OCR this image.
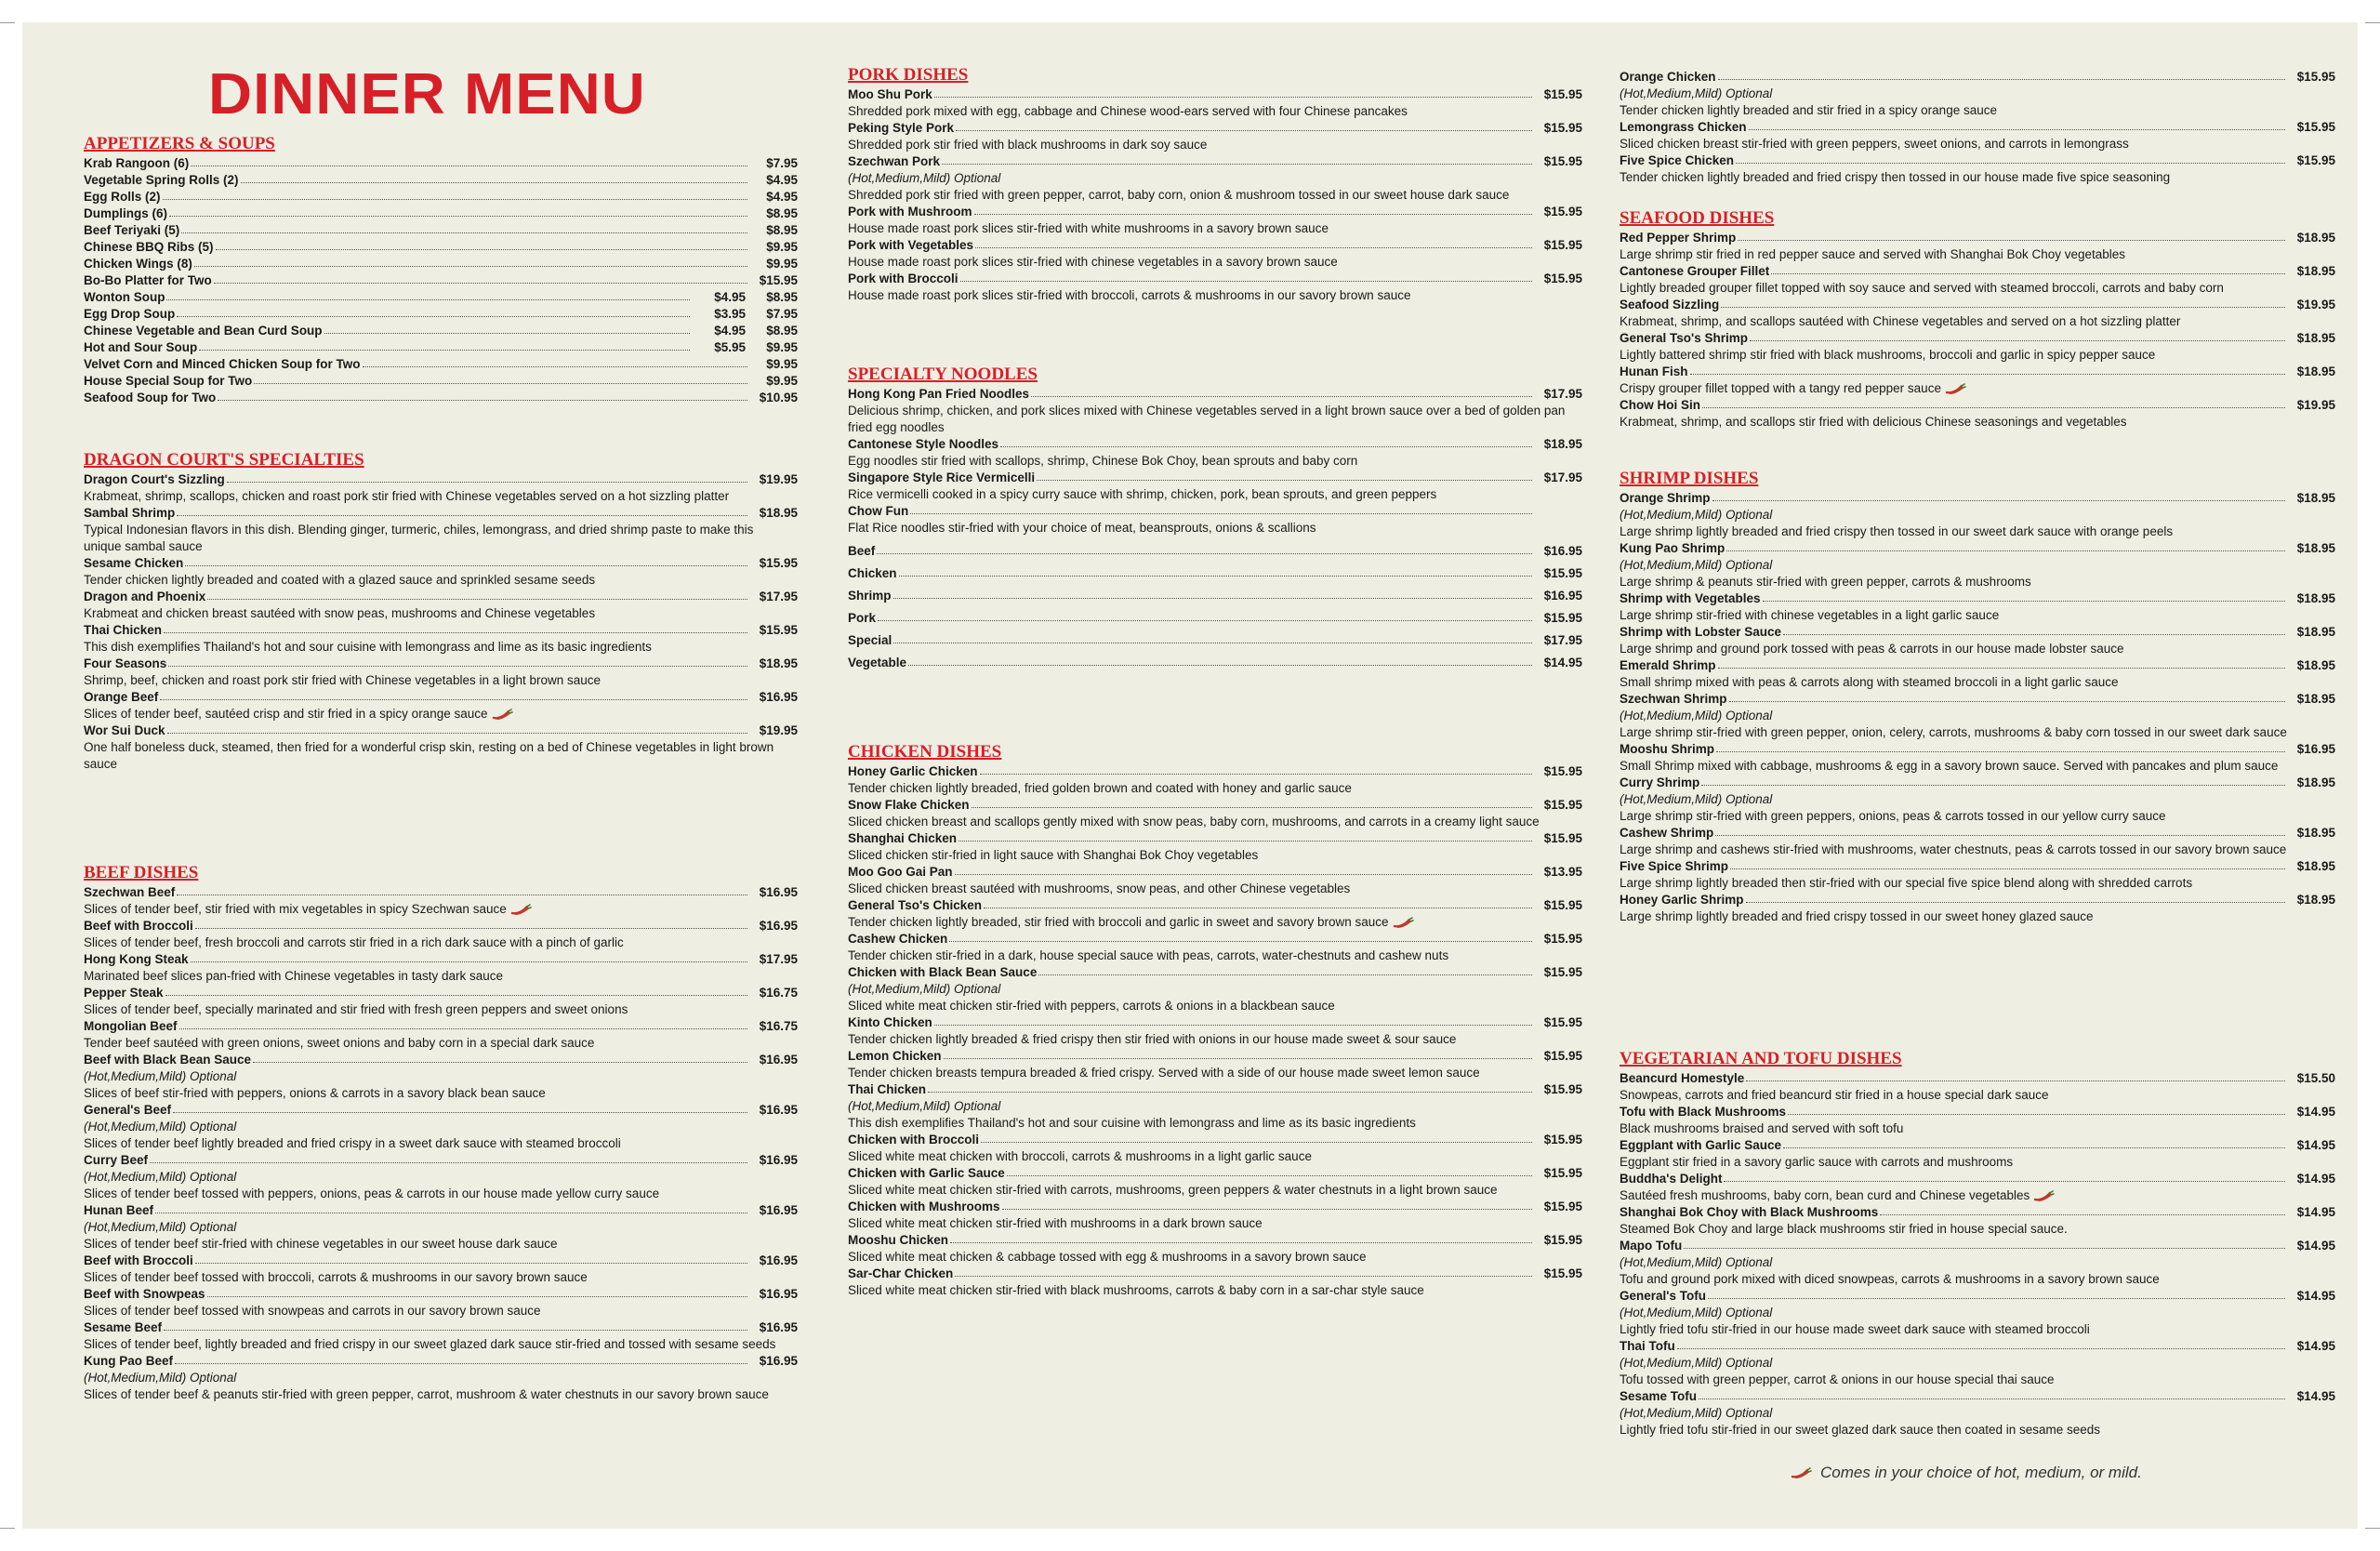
DINNER MENU
APPETIZERS & SOUPS
Krab Rangoon (6)	$7.95
Vegetable Spring Rolls (2)	$4.95
Egg Rolls (2)	$4.95
Dumplings (6)	$8.95
Beef Teriyaki (5)	$8.95
Chinese BBQ Ribs (5)	$9.95
Chicken Wings (8)	$9.95
Bo-Bo Platter for Two	$15.95
Wonton Soup	$4.95	$8.95
Egg Drop Soup	$3.95	$7.95
Chinese Vegetable and Bean Curd Soup	$4.95	$8.95
Hot and Sour Soup	$5.95	$9.95
Velvet Corn and Minced Chicken Soup for Two	$9.95
House Special Soup for Two	$9.95
Seafood Soup for Two	$10.95
DRAGON COURT'S SPECIALTIES
Dragon Court's Sizzling	$19.95
Krabmeat, shrimp, scallops, chicken and roast pork stir fried with Chinese vegetables served on a hot sizzling platter
Sambal Shrimp	$18.95
Typical Indonesian flavors in this dish. Blending ginger, turmeric, chiles, lemongrass, and dried shrimp paste to make this unique sambal sauce
Sesame Chicken	$15.95
Tender chicken lightly breaded and coated with a glazed sauce and sprinkled sesame seeds
Dragon and Phoenix	$17.95
Krabmeat and chicken breast sautéed with snow peas, mushrooms and Chinese vegetables
Thai Chicken	$15.95
This dish exemplifies Thailand's hot and sour cuisine with lemongrass and lime as its basic ingredients
Four Seasons	$18.95
Shrimp, beef, chicken and roast pork stir fried with Chinese vegetables in a light brown sauce
Orange Beef	$16.95
Slices of tender beef, sautéed crisp and stir fried in a spicy orange sauce
Wor Sui Duck	$19.95
One half boneless duck, steamed, then fried for a wonderful crisp skin, resting on a bed of Chinese vegetables in light brown sauce
BEEF DISHES
Szechwan Beef	$16.95
Slices of tender beef, stir fried with mix vegetables in spicy Szechwan sauce
Beef with Broccoli	$16.95
Slices of tender beef, fresh broccoli and carrots stir fried in a rich dark sauce with a pinch of garlic
Hong Kong Steak	$17.95
Marinated beef slices pan-fried with Chinese vegetables in tasty dark sauce
Pepper Steak	$16.75
Slices of tender beef, specially marinated and stir fried with fresh green peppers and sweet onions
Mongolian Beef	$16.75
Tender beef sautéed with green onions, sweet onions and baby corn in a special dark sauce
Beef with Black Bean Sauce	$16.95
(Hot,Medium,Mild) Optional
Slices of beef stir-fried with peppers, onions & carrots in a savory black bean sauce
General's Beef	$16.95
(Hot,Medium,Mild) Optional
Slices of tender beef lightly breaded and fried crispy in a sweet dark sauce with steamed broccoli
Curry Beef	$16.95
(Hot,Medium,Mild) Optional
Slices of tender beef tossed with peppers, onions, peas & carrots in our house made yellow curry sauce
Hunan Beef	$16.95
(Hot,Medium,Mild) Optional
Slices of tender beef stir-fried with chinese vegetables in our sweet house dark sauce
Beef with Broccoli	$16.95
Slices of tender beef tossed with broccoli, carrots & mushrooms in our savory brown sauce
Beef with Snowpeas	$16.95
Slices of tender beef tossed with snowpeas and carrots in our savory brown sauce
Sesame Beef	$16.95
Slices of tender beef, lightly breaded and fried crispy in our sweet glazed dark sauce stir-fried and tossed with sesame seeds
Kung Pao Beef	$16.95
(Hot,Medium,Mild) Optional
Slices of tender beef & peanuts stir-fried with green pepper, carrot, mushroom & water chestnuts in our savory brown sauce
PORK DISHES
Moo Shu Pork	$15.95
Shredded pork mixed with egg, cabbage and Chinese wood-ears served with four Chinese pancakes
Peking Style Pork	$15.95
Shredded pork stir fried with black mushrooms in dark soy sauce
Szechwan Pork	$15.95
(Hot,Medium,Mild) Optional
Shredded pork stir fried with green pepper, carrot, baby corn, onion & mushroom tossed in our sweet house dark sauce
Pork with Mushroom	$15.95
House made roast pork slices stir-fried with white mushrooms in a savory brown sauce
Pork with Vegetables	$15.95
House made roast pork slices stir-fried with chinese vegetables in a savory brown sauce
Pork with Broccoli	$15.95
House made roast pork slices stir-fried with broccoli, carrots & mushrooms in our savory brown sauce
SPECIALTY NOODLES
Hong Kong Pan Fried Noodles	$17.95
Delicious shrimp, chicken, and pork slices mixed with Chinese vegetables served in a light brown sauce over a bed of golden pan fried egg noodles
Cantonese Style Noodles	$18.95
Egg noodles stir fried with scallops, shrimp, Chinese Bok Choy, bean sprouts and baby corn
Singapore Style Rice Vermicelli	$17.95
Rice vermicelli cooked in a spicy curry sauce with shrimp, chicken, pork, bean sprouts, and green peppers
Chow Fun
Flat Rice noodles stir-fried with your choice of meat, beansprouts, onions & scallions
Beef	$16.95
Chicken	$15.95
Shrimp	$16.95
Pork	$15.95
Special	$17.95
Vegetable	$14.95
CHICKEN DISHES
Honey Garlic Chicken	$15.95
Tender chicken lightly breaded, fried golden brown and coated with honey and garlic sauce
Snow Flake Chicken	$15.95
Sliced chicken breast and scallops gently mixed with snow peas, baby corn, mushrooms, and carrots in a creamy light sauce
Shanghai Chicken	$15.95
Sliced chicken stir-fried in light sauce with Shanghai Bok Choy vegetables
Moo Goo Gai Pan	$13.95
Sliced chicken breast sautéed with mushrooms, snow peas, and other Chinese vegetables
General Tso's Chicken	$15.95
Tender chicken lightly breaded, stir fried with broccoli and garlic in sweet and savory brown sauce
Cashew Chicken	$15.95
Tender chicken stir-fried in a dark, house special sauce with peas, carrots, water-chestnuts and cashew nuts
Chicken with Black Bean Sauce	$15.95
(Hot,Medium,Mild) Optional
Sliced white meat chicken stir-fried with peppers, carrots & onions in a blackbean sauce
Kinto Chicken	$15.95
Tender chicken lightly breaded & fried crispy then stir fried with onions in our house made sweet & sour sauce
Lemon Chicken	$15.95
Tender chicken breasts tempura breaded & fried crispy. Served with a side of our house made sweet lemon sauce
Thai Chicken	$15.95
(Hot,Medium,Mild) Optional
This dish exemplifies Thailand's hot and sour cuisine with lemongrass and lime as its basic ingredients
Chicken with Broccoli	$15.95
Sliced white meat chicken with broccoli, carrots & mushrooms in a light garlic sauce
Chicken with Garlic Sauce	$15.95
Sliced white meat chicken stir-fried with carrots, mushrooms, green peppers & water chestnuts in a light brown sauce
Chicken with Mushrooms	$15.95
Sliced white meat chicken stir-fried with mushrooms in a dark brown sauce
Mooshu Chicken	$15.95
Sliced white meat chicken & cabbage tossed with egg & mushrooms in a savory brown sauce
Sar-Char Chicken	$15.95
Sliced white meat chicken stir-fried with black mushrooms, carrots & baby corn in a sar-char style sauce
Orange Chicken	$15.95
(Hot,Medium,Mild) Optional
Tender chicken lightly breaded and stir fried in a spicy orange sauce
Lemongrass Chicken	$15.95
Sliced chicken breast stir-fried with green peppers, sweet onions, and carrots in lemongrass
Five Spice Chicken	$15.95
Tender chicken lightly breaded and fried crispy then tossed in our house made five spice seasoning
SEAFOOD DISHES
Red Pepper Shrimp	$18.95
Large shrimp stir fried in red pepper sauce and served with Shanghai Bok Choy vegetables
Cantonese Grouper Fillet	$18.95
Lightly breaded grouper fillet topped with soy sauce and served with steamed broccoli, carrots and baby corn
Seafood Sizzling	$19.95
Krabmeat, shrimp, and scallops sautéed with Chinese vegetables and served on a hot sizzling platter
General Tso's Shrimp	$18.95
Lightly battered shrimp stir fried with black mushrooms, broccoli and garlic in spicy pepper sauce
Hunan Fish	$18.95
Crispy grouper fillet topped with a tangy red pepper sauce
Chow Hoi Sin	$19.95
Krabmeat, shrimp, and scallops stir fried with delicious Chinese seasonings and vegetables
SHRIMP DISHES
Orange Shrimp	$18.95
(Hot,Medium,Mild) Optional
Large shrimp lightly breaded and fried crispy then tossed in our sweet dark sauce with orange peels
Kung Pao Shrimp	$18.95
(Hot,Medium,Mild) Optional
Large shrimp & peanuts stir-fried with green pepper, carrots & mushrooms
Shrimp with Vegetables	$18.95
Large shrimp stir-fried with chinese vegetables in a light garlic sauce
Shrimp with Lobster Sauce	$18.95
Large shrimp and ground pork tossed with peas & carrots in our house made lobster sauce
Emerald Shrimp	$18.95
Small shrimp mixed with peas & carrots along with steamed broccoli in a light garlic sauce
Szechwan Shrimp	$18.95
(Hot,Medium,Mild) Optional
Large shrimp stir-fried with green pepper, onion, celery, carrots, mushrooms & baby corn tossed in our sweet dark sauce
Mooshu Shrimp	$16.95
Small Shrimp mixed with cabbage, mushrooms & egg in a savory brown sauce. Served with pancakes and plum sauce
Curry Shrimp	$18.95
(Hot,Medium,Mild) Optional
Large shrimp stir-fried with green peppers, onions, peas & carrots tossed in our yellow curry sauce
Cashew Shrimp	$18.95
Large shrimp and cashews stir-fried with mushrooms, water chestnuts, peas & carrots tossed in our savory brown sauce
Five Spice Shrimp	$18.95
Large shrimp lightly breaded then stir-fried with our special five spice blend along with shredded carrots
Honey Garlic Shrimp	$18.95
Large shrimp lightly breaded and fried crispy tossed in our sweet honey glazed sauce
VEGETARIAN AND TOFU DISHES
Beancurd Homestyle	$15.50
Snowpeas, carrots and fried beancurd stir fried in a house special dark sauce
Tofu with Black Mushrooms	$14.95
Black mushrooms braised and served with soft tofu
Eggplant with Garlic Sauce	$14.95
Eggplant stir fried in a savory garlic sauce with carrots and mushrooms
Buddha's Delight	$14.95
Sautéed fresh mushrooms, baby corn, bean curd and Chinese vegetables
Shanghai Bok Choy with Black Mushrooms	$14.95
Steamed Bok Choy and large black mushrooms stir fried in house special sauce.
Mapo Tofu	$14.95
(Hot,Medium,Mild) Optional
Tofu and ground pork mixed with diced snowpeas, carrots & mushrooms in a savory brown sauce
General's Tofu	$14.95
(Hot,Medium,Mild) Optional
Lightly fried tofu stir-fried in our house made sweet dark sauce with steamed broccoli
Thai Tofu	$14.95
(Hot,Medium,Mild) Optional
Tofu tossed with green pepper, carrot & onions in our house special thai sauce
Sesame Tofu	$14.95
(Hot,Medium,Mild) Optional
Lightly fried tofu stir-fried in our sweet glazed dark sauce then coated in sesame seeds
Comes in your choice of hot, medium, or mild.
